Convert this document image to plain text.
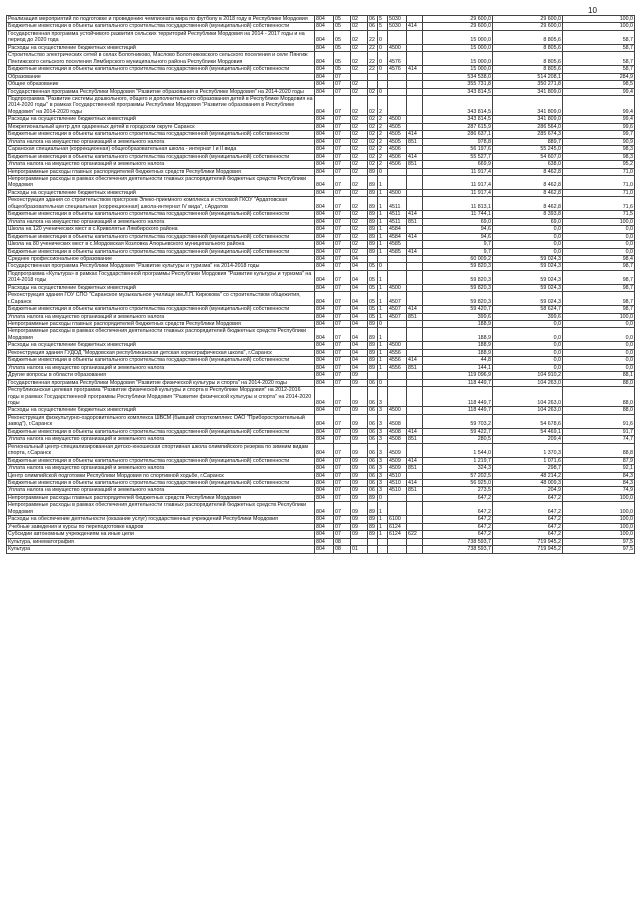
10
Реализация мероприятий по подготовке и проведению чемпионата мира по футболу в 2018 году в Республике Мордовия	804	05	02	06	5	5030		29 600,0	29 600,0	100,0
Бюджетные инвестиции в объекты капитального строительства государственной (муниципальной) собственности	804	05	02	06	5	5030	414	29 600,0	29 600,0	100,0
Государственная программа устойчивого развития сельских территорий Республики Мордовия на 2014 - 2017 годы и на период до 2020 года	804	05	02	22	0			15 000,0	8 805,6	58,7
Расходы на осуществление бюджетных инвестиций	804	05	02	22	0	4500		15 000,0	8 805,6	58,7
Строительство электрических сетей в селах Болотниково, Маслово Болотниковского сельского поселения и селе Пянгиж Пянгижского сельского поселения Лямбирского муниципального района Республики Мордовия	804	05	02	22	0	4576		15 000,0	8 805,6	58,7
Бюджетные инвестиции в объекты капитального строительства государственной (муниципальной) собственности	804	05	02	22	0	4576	414	15 000,0	8 805,6	58,7
Образование	804	07						534 538,0	514 208,1	284,9
Общее образование	804	07	02					355 731,8	350 271,8	98,5
Государственная программа Республики Мордовия "Развитие образования в Республике Мордовия" на 2014-2020 годы	804	07	02	02	0			343 814,5	341 809,0	99,4
Подпрограмма "Развитие системы дошкольного, общего и дополнительного образования детей в Республике Мордовия на 2014-2020 годы" в рамках Государственной программы Республики Мордовия "Развитие образования в Республике Мордовия" на 2014-2020 годы	804	07	02	02	2			343 814,5	341 809,0	99,4
Расходы на осуществление бюджетных инвестиций	804	07	02	02	2	4500		343 814,5	341 809,0	99,4
Межрегиональный центр для одаренных детей в городском округе Саранск	804	07	02	02	2	4505		287 615,9	286 564,0	99,6
Бюджетные инвестиции в объекты капитального строительства государственной (муниципальной) собственности	804	07	02	02	2	4505	414	286 637,1	285 674,3	99,7
Уплата налога на имущество организаций и земельного налога	804	07	02	02	2	4505	851	978,8	889,7	90,9
Саранская специальная (коррекционная) общеобразовательная школа - интернат I и II вида	804	07	02	02	2	4506		56 197,6	55 245,0	98,3
Бюджетные инвестиции в объекты капитального строительства государственной (муниципальной) собственности	804	07	02	02	2	4506	414	55 527,7	54 607,0	98,3
Уплата налога на имущество организаций и земельного налога	804	07	02	02	2	4506	851	669,9	638,0	95,2
Непрограммные расходы главных распорядителей бюджетных средств Республики Мордовия	804	07	02	89	0			11 917,4	8 462,8	71,0
Непрограммные расходы в рамках обеспечения деятельности главных распорядителей бюджетных средств Республики Мордовия	804	07	02	89	1			11 917,4	8 462,8	71,0
Расходы на осуществление бюджетных инвестиций	804	07	02	89	1	4500		11 917,4	8 462,8	71,0
Реконструкция здания со строительством пристроев Элеко-приемного комплекса и столовой ГКОУ "Ардатовская общеобразовательная специальная (коррекционная) школа-интернат IV вида", г.Ардатов	804	07	02	89	1	4511		11 813,1	8 462,8	71,6
Бюджетные инвестиции в объекты капитального строительства государственной (муниципальной) собственности	804	07	02	89	1	4511	414	11 744,1	8 393,8	71,5
Уплата налога на имущество организаций и земельного налога	804	07	02	89	1	4511	851	69,0	69,0	100,0
Школа на 120 ученических мест в с.Криволятье Лямбирского района	804	07	02	89	1	4584		94,6	0,0	0,0
Бюджетные инвестиции в объекты капитального строительства государственной (муниципальной) собственности	804	07	02	89	1	4584	414	94,6	0,0	0,0
Школа на 80 ученических мест в с.Мордовская Козловка Атюрьевского муниципального района	804	07	02	89	1	4585		9,7	0,0	0,0
Бюджетные инвестиции в объекты капитального строительства государственной (муниципальной) собственности	804	07	02	89	1	4585	414	9,7	0,0	0,0
Среднее профессиональное образование	804	07	04					60 009,2	59 024,3	98,4
Государственная программа Республики Мордовия "Развитие культуры и туризма" на 2014-2018 годы	804	07	04	05	0			59 820,3	59 024,3	98,7
Подпрограмма «Культура» в рамках Государственной программы Республики Мордовия "Развитие культуры и туризма" на 2014-2018 годы	804	07	04	05	1			59 820,3	59 024,3	98,7
Расходы на осуществление бюджетных инвестиций	804	07	04	05	1	4500		59 820,3	59 024,3	98,7
Реконструкция здания ГОУ СПО "Саранское музыкальное училище им.Л.П. Кирюкова" со строительством общежития, г.Саранск	804	07	04	05	1	4507		59 820,3	59 024,3	98,7
Бюджетные инвестиции в объекты капитального строительства государственной (муниципальной) собственности	804	07	04	05	1	4507	414	59 420,7	58 624,7	98,7
Уплата налога на имущество организаций и земельного налога	804	07	04	05	1	4507	851	399,6	399,6	100,0
Непрограммные расходы главных распорядителей бюджетных средств Республики Мордовия	804	07	04	89	0			188,9	0,0	0,0
Непрограммные расходы в рамках обеспечения деятельности главных распорядителей бюджетных средств Республики Мордовия	804	07	04	89	1			188,9	0,0	0,0
Расходы на осуществление бюджетных инвестиций	804	07	04	89	1	4500		188,9	0,0	0,0
Реконструкция здания ГУДОД "Мордовская республиканская детская хореографическая школа", г.Саранск	804	07	04	89	1	4556		188,9	0,0	0,0
Бюджетные инвестиции в объекты капитального строительства государственной (муниципальной) собственности	804	07	04	89	1	4556	414	44,8	0,0	0,0
Уплата налога на имущество организаций и земельного налога	804	07	04	89	1	4556	851	144,1	0,0	0,0
Другие вопросы в области образования	804	07	09					119 096,9	104 910,2	88,1
Государственная программа Республики Мордовия "Развитие физической культуры и спорта" на 2014-2020 годы	804	07	09	06	0			118 449,7	104 263,0	88,0
Республиканская целевая программа "Развитие физической культуры и спорта в Республике Мордовия" на 2012-2016 годы в рамках Государственной программы Республики Мордовия "Развитие физической культуры и спорта" на 2014-2020 годы	804	07	09	06	3			118 449,7	104 263,0	88,0
Расходы на осуществление бюджетных инвестиций	804	07	09	06	3	4500		118 449,7	104 263,0	88,0
Реконструкция физкультурно-оздоровительного комплекса ШВСМ (бывший спорткомплекс ОАО "Приборостроительный завод"), г.Саранск	804	07	09	06	3	4508		59 703,2	54 678,6	91,6
Бюджетные инвестиции в объекты капитального строительства государственной (муниципальной) собственности	804	07	09	06	3	4508	414	59 422,7	54 469,1	91,7
Уплата налога на имущество организаций и земельного налога	804	07	09	06	3	4508	851	280,5	209,4	74,7
Региональный центр-специализированная детско-юношеская спортивная школа олимпийского резерва по зимним видам спорта, г.Саранск	804	07	09	06	3	4509		1 544,0	1 370,3	88,8
Бюджетные инвестиции в объекты капитального строительства государственной (муниципальной) собственности	804	07	09	06	3	4509	414	1 219,7	1 071,6	87,9
Уплата налога на имущество организаций и земельного налога	804	07	09	06	3	4509	851	324,3	298,7	92,1
Центр олимпийской подготовки Республики Мордовия по спортивной ходьбе, г.Саранск	804	07	09	06	3	4510		57 202,5	48 214,2	84,3
Бюджетные инвестиции в объекты капитального строительства государственной (муниципальной) собственности	804	07	09	06	3	4510	414	56 925,0	48 009,3	84,3
Уплата налога на имущество организаций и земельного налога	804	07	09	06	3	4510	851	273,5	204,9	74,9
Непрограммные расходы главных распорядителей бюджетных средств Республики Мордовия	804	07	09	89	0			647,2	647,2	100,0
Непрограммные расходы в рамках обеспечения деятельности главных распорядителей бюджетных средств Республики Мордовия	804	07	09	89	1			647,2	647,2	100,0
Расходы на обеспечение деятельности (оказание услуг) государственных учреждений Республики Мордовия	804	07	09	89	1	6100		647,2	647,2	100,0
Учебные заведения и курсы по переподготовке кадров	804	07	09	89	1	6124		647,2	647,2	100,0
Субсидии автономным учреждениям на иные цели	804	07	09	89	1	6124	622	647,2	647,2	100,0
Культура, кинематография	804	08						738 593,7	719 945,2	97,5
Культура	804	08	01					738 593,7	719 945,2	97,5
